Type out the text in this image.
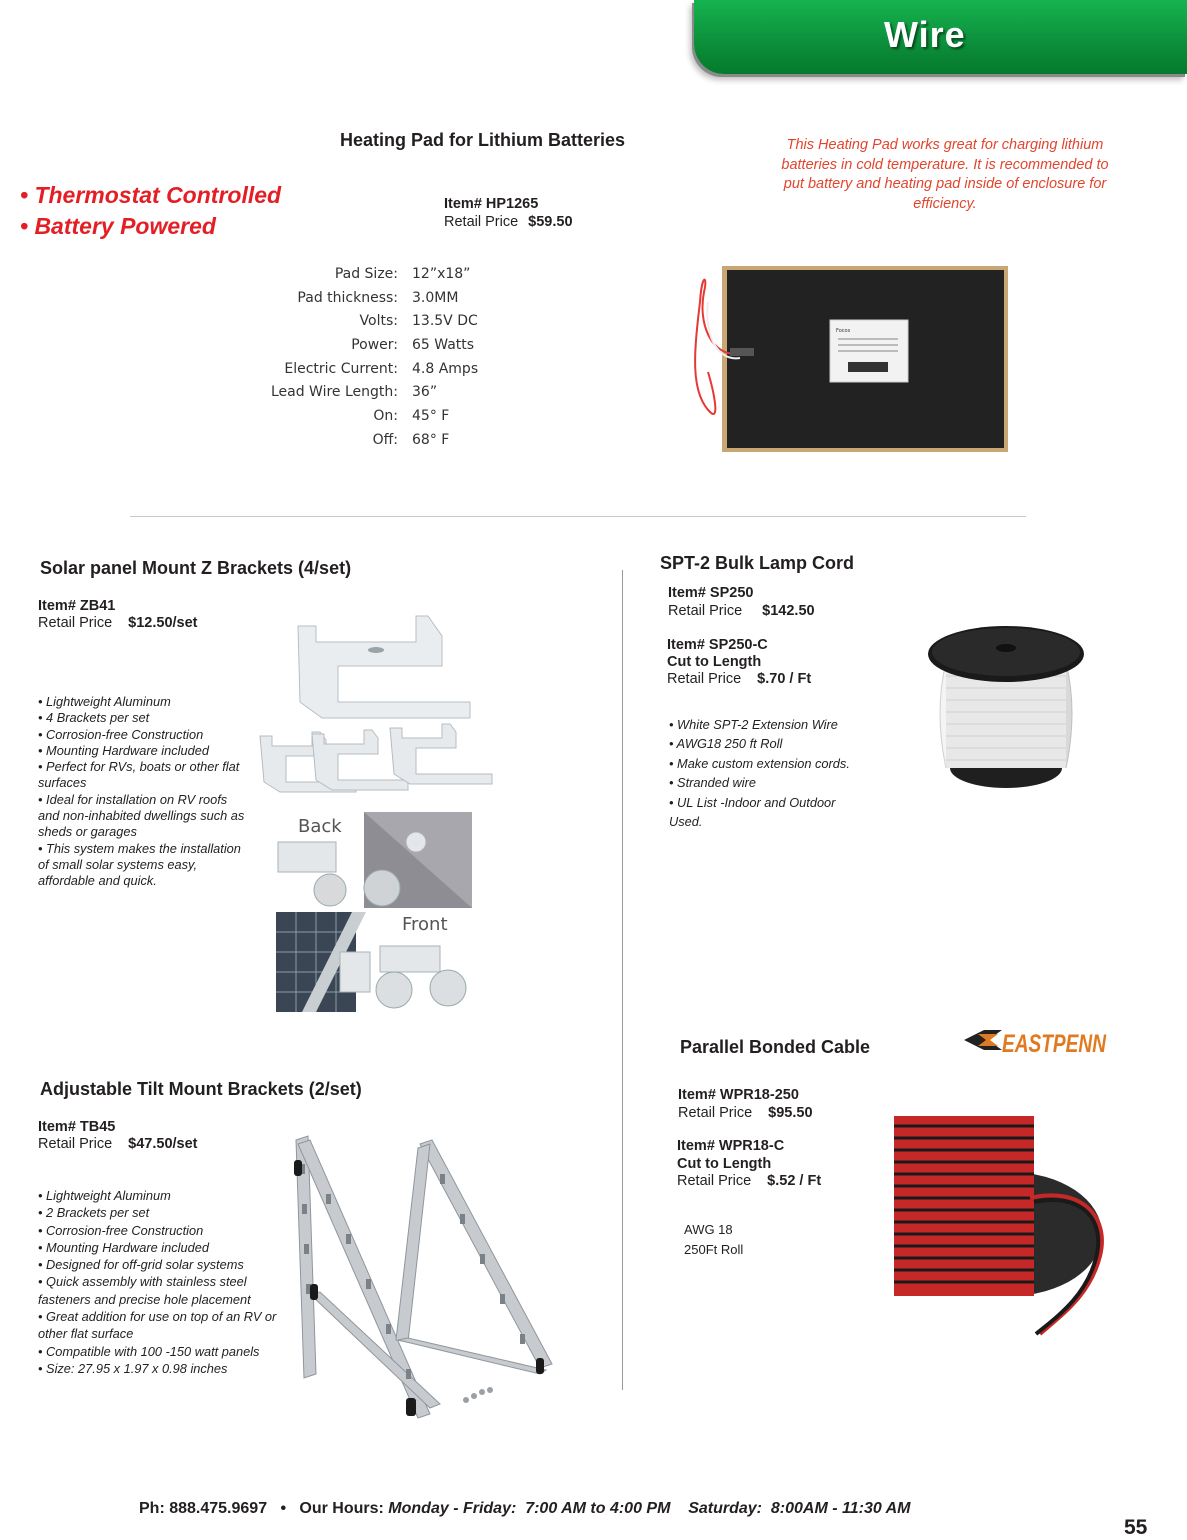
Wire
Heating Pad for Lithium Batteries
• Thermostat Controlled
• Battery Powered
Item# HP1265
Retail Price $59.50
This Heating Pad works great for charging lithium batteries in cold temperature. It is recommended to put battery and heating pad inside of enclosure for efficiency.
Pad Size: 12”x18”
Pad thickness: 3.0MM
Volts: 13.5V DC
Power: 65 Watts
Electric Current: 4.8 Amps
Lead Wire Length: 36”
On: 45° F
Off: 68° F
Focos
Solar panel Mount Z Brackets (4/set)
Item# ZB41
Retail Price $12.50/set
• Lightweight Aluminum
• 4 Brackets per set
• Corrosion-free Construction
• Mounting Hardware included
• Perfect for RVs, boats or other flat surfaces
• Ideal for installation on RV roofs and non-inhabited dwellings such as sheds or garages
• This system makes the installation of small solar systems easy, affordable and quick.
Back
Front
SPT-2 Bulk Lamp Cord
Item# SP250
Retail Price $142.50
Item# SP250-C
Cut to Length
Retail Price $.70 / Ft
• White SPT-2 Extension Wire
• AWG18 250 ft Roll
• Make custom extension cords.
• Stranded wire
• UL List -Indoor and Outdoor Used.
Parallel Bonded Cable	EASTPENN
Item# WPR18-250
Retail Price $95.50
Item# WPR18-C
Cut to Length
Retail Price $.52 / Ft
AWG 18
250Ft Roll
Adjustable Tilt Mount Brackets (2/set)
Item# TB45
Retail Price $47.50/set
• Lightweight Aluminum
• 2 Brackets per set
• Corrosion-free Construction
• Mounting Hardware included
• Designed for off-grid solar systems
• Quick assembly with stainless steel fasteners and precise hole placement
• Great addition for use on top of an RV or other flat surface
• Compatible with 100 -150 watt panels
• Size: 27.95 x 1.97 x 0.98 inches
Ph: 888.475.9697 • Our Hours: Monday - Friday: 7:00 AM to 4:00 PM Saturday: 8:00AM - 11:30 AM
55
